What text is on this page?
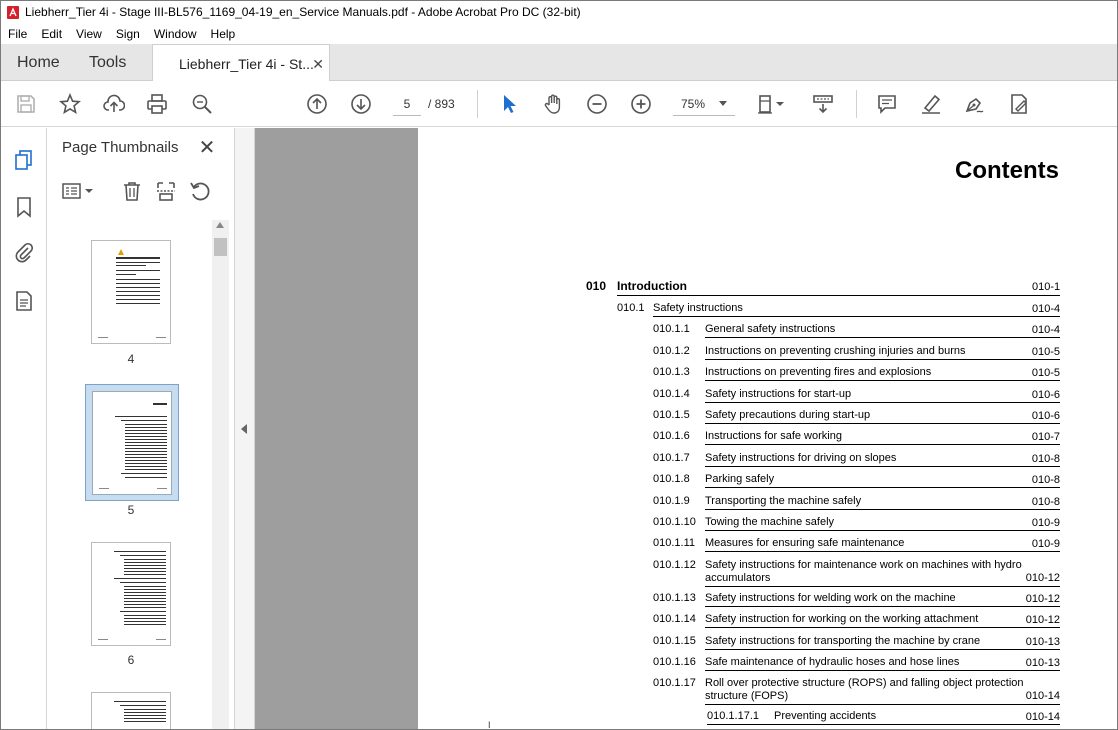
Liebherr_Tier 4i - Stage III-BL576_1169_04-19_en_Service Manuals.pdf - Adobe Acrobat Pro DC (32-bit)
File	Edit	View	Sign	Window	Help
Home Tools	Liebherr_Tier 4i - St...
✕
5	/ 893	75%
Page Thumbnails ✕
4
5
6
Contents
010 Introduction	010-1
010.1 Safety instructions	010-4
010.1.1 General safety instructions	010-4
010.1.2 Instructions on preventing crushing injuries and burns	010-5
010.1.3 Instructions on preventing fires and explosions	010-5
010.1.4 Safety instructions for start-up	010-6
010.1.5 Safety precautions during start-up	010-6
010.1.6 Instructions for safe working	010-7
010.1.7 Safety instructions for driving on slopes	010-8
010.1.8 Parking safely	010-8
010.1.9 Transporting the machine safely	010-8
010.1.10 Towing the machine safely	010-9
010.1.11 Measures for ensuring safe maintenance	010-9
010.1.12 Safety instructions for maintenance work on machines with hydro
accumulators	010-12
010.1.13 Safety instructions for welding work on the machine	010-12
010.1.14 Safety instruction for working on the working attachment	010-12
010.1.15 Safety instructions for transporting the machine by crane	010-13
010.1.16 Safe maintenance of hydraulic hoses and hose lines	010-13
010.1.17 Roll over protective structure (ROPS) and falling object protection
structure (FOPS)	010-14
010.1.17.1 Preventing accidents	010-14
I
